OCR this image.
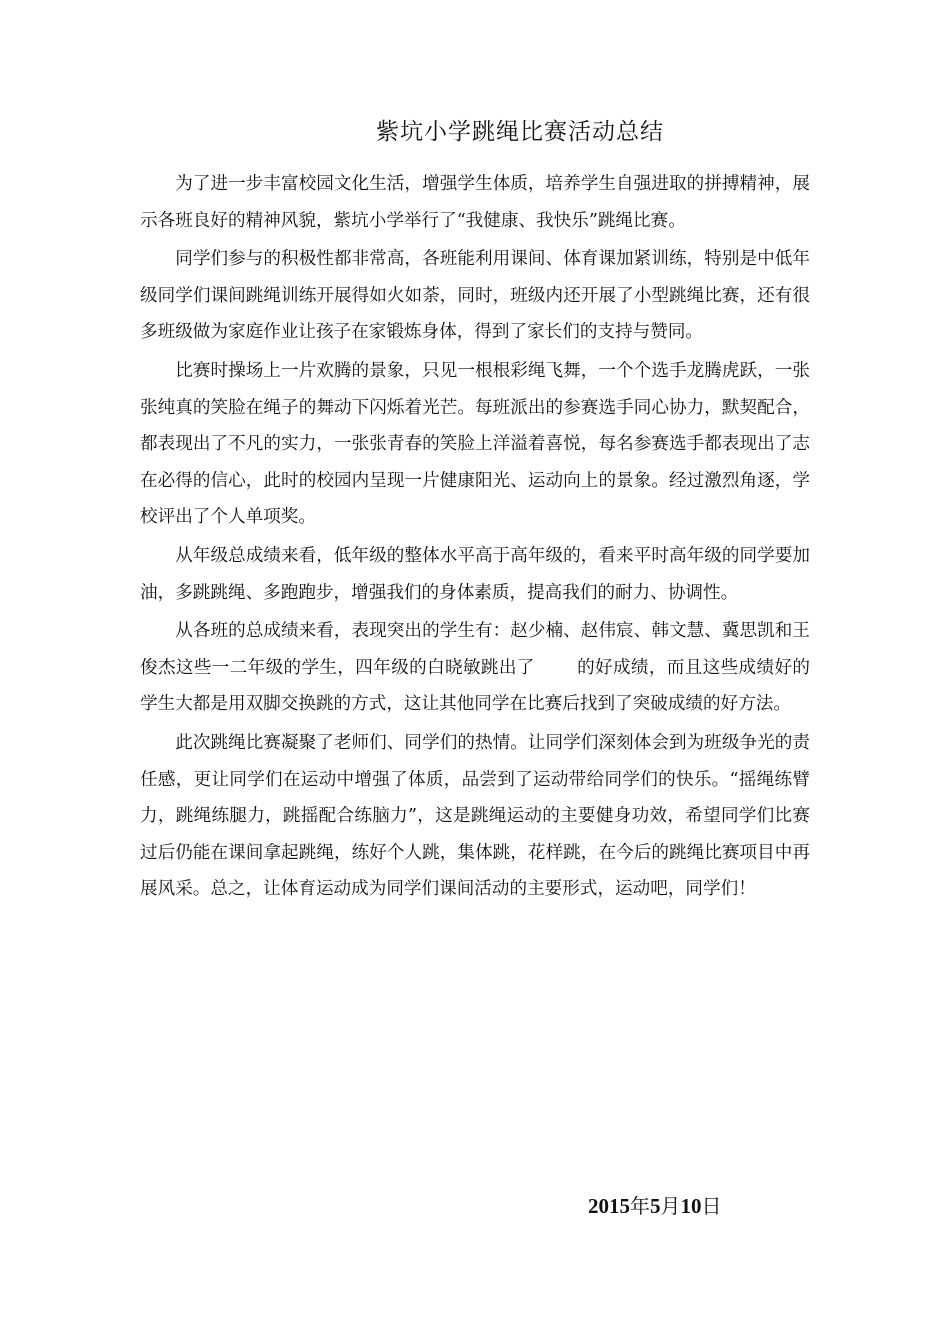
紫坑小学跳绳比赛活动总结

为了进一步丰富校园文化生活，增强学生体质，培养学生自强进取的拼搏精神，展示各班良好的精神风貌，紫坑小学举行了“我健康、我快乐”跳绳比赛。

同学们参与的积极性都非常高，各班能利用课间、体育课加紧训练，特别是中低年级同学们课间跳绳训练开展得如火如荼，同时，班级内还开展了小型跳绳比赛，还有很多班级做为家庭作业让孩子在家锻炼身体，得到了家长们的支持与赞同。

比赛时操场上一片欢腾的景象，只见一根根彩绳飞舞，一个个选手龙腾虎跃，一张张纯真的笑脸在绳子的舞动下闪烁着光芒。每班派出的参赛选手同心协力，默契配合，都表现出了不凡的实力，一张张青春的笑脸上洋溢着喜悦，每名参赛选手都表现出了志在必得的信心，此时的校园内呈现一片健康阳光、运动向上的景象。经过激烈角逐，学校评出了个人单项奖。

从年级总成绩来看，低年级的整体水平高于高年级的，看来平时高年级的同学要加油，多跳跳绳、多跑跑步，增强我们的身体素质，提高我们的耐力、协调性。

从各班的总成绩来看，表现突出的学生有：赵少楠、赵伟宸、韩文慧、冀思凯和王俊杰这些一二年级的学生，四年级的白晓敏跳出了 的好成绩，而且这些成绩好的学生大都是用双脚交换跳的方式，这让其他同学在比赛后找到了突破成绩的好方法。

此次跳绳比赛凝聚了老师们、同学们的热情。让同学们深刻体会到为班级争光的责任感，更让同学们在运动中增强了体质，品尝到了运动带给同学们的快乐。“摇绳练臂力，跳绳练腿力，跳摇配合练脑力”，这是跳绳运动的主要健身功效，希望同学们比赛过后仍能在课间拿起跳绳，练好个人跳，集体跳，花样跳，在今后的跳绳比赛项目中再展风采。总之，让体育运动成为同学们课间活动的主要形式，运动吧，同学们！

2015年5月10日
